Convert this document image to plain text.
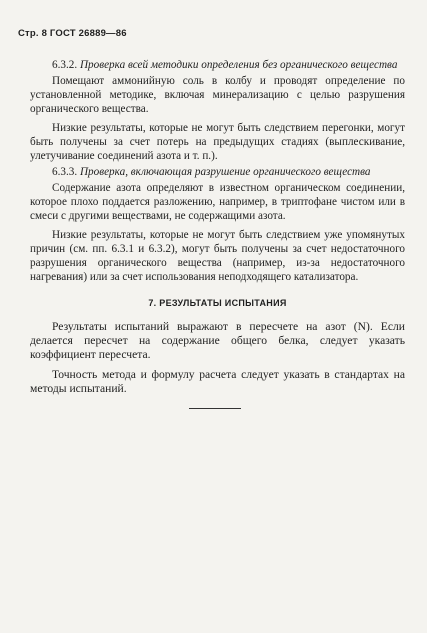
Стр. 8 ГОСТ 26889—86

6.3.2. Проверка всей методики определения без органического вещества

Помещают аммонийную соль в колбу и проводят определение по установленной методике, включая минерализацию с целью разрушения органического вещества.

Низкие результаты, которые не могут быть следствием перегонки, могут быть получены за счет потерь на предыдущих стадиях (выплескивание, улетучивание соединений азота и т. п.).

6.3.3. Проверка, включающая разрушение органического вещества

Содержание азота определяют в известном органическом соединении, которое плохо поддается разложению, например, в триптофане чистом или в смеси с другими веществами, не содержащими азота.

Низкие результаты, которые не могут быть следствием уже упомянутых причин (см. пп. 6.3.1 и 6.3.2), могут быть получены за счет недостаточного разрушения органического вещества (например, из-за недостаточного нагревания) или за счет использования неподходящего катализатора.

7. РЕЗУЛЬТАТЫ ИСПЫТАНИЯ

Результаты испытаний выражают в пересчете на азот (N). Если делается пересчет на содержание общего белка, следует указать коэффициент пересчета.

Точность метода и формулу расчета следует указать в стандартах на методы испытаний.
